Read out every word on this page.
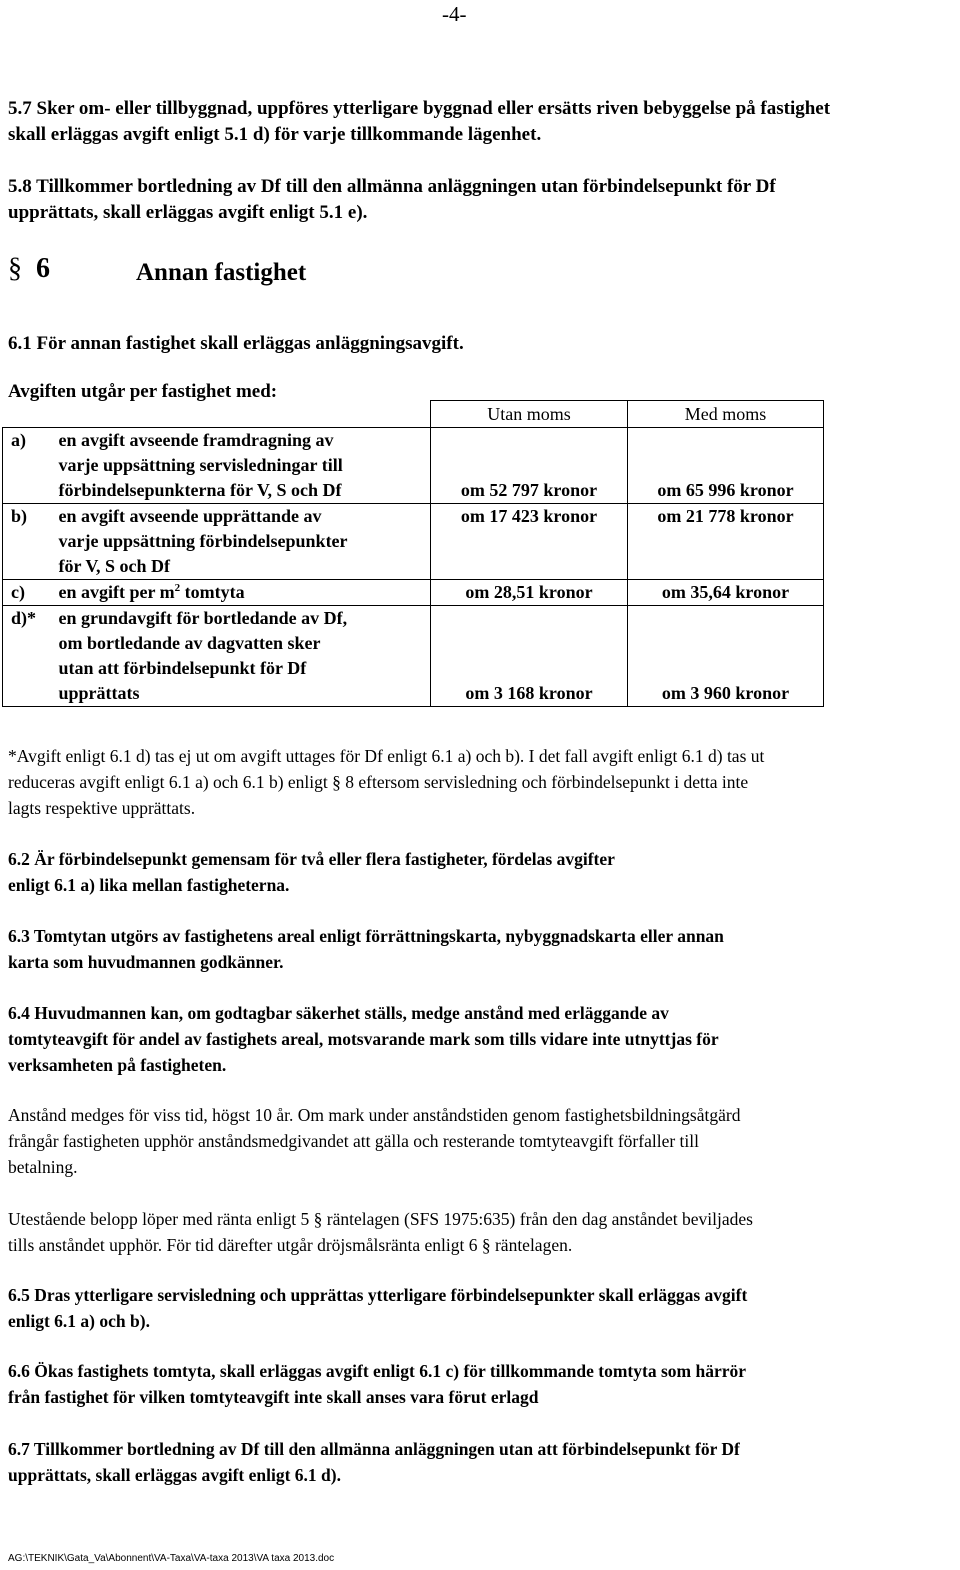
-4-
5.7 Sker om- eller tillbyggnad, uppföres ytterligare byggnad eller ersätts riven bebyggelse på fastighet
skall erläggas avgift enligt 5.1 d) för varje tillkommande lägenhet.
5.8 Tillkommer bortledning av Df till den allmänna anläggningen utan förbindelsepunkt för Df
upprättats, skall erläggas avgift enligt 5.1 e).
§ 6	Annan fastighet
6.1 För annan fastighet skall erläggas anläggningsavgift.
Avgiften utgår per fastighet med:
		Utan moms	Med moms
a)	en avgift avseende framdragning av
varje uppsättning servisledningar till
förbindelsepunkterna för V, S och Df	om 52 797 kronor	om 65 996 kronor
b)	en avgift avseende upprättande av
varje uppsättning förbindelsepunkter
för V, S och Df	om 17 423 kronor	om 21 778 kronor
c)	en avgift per $m^2$ tomtyta	om 28,51 kronor	om 35,64 kronor
d)*	en grundavgift för bortledande av Df,
om bortledande av dagvatten sker
utan att förbindelsepunkt för Df
upprättats	om 3 168 kronor	om 3 960 kronor
*Avgift enligt 6.1 d) tas ej ut om avgift uttages för Df enligt 6.1 a) och b). I det fall avgift enligt 6.1 d) tas ut
reduceras avgift enligt 6.1 a) och 6.1 b) enligt § 8 eftersom servisledning och förbindelsepunkt i detta inte
lagts respektive upprättats.
6.2 Är förbindelsepunkt gemensam för två eller flera fastigheter, fördelas avgifter
enligt 6.1 a) lika mellan fastigheterna.
6.3 Tomtytan utgörs av fastighetens areal enligt förrättningskarta, nybyggnadskarta eller annan
karta som huvudmannen godkänner.
6.4 Huvudmannen kan, om godtagbar säkerhet ställs, medge anstånd med erläggande av
tomtyteavgift för andel av fastighets areal, motsvarande mark som tills vidare inte utnyttjas för
verksamheten på fastigheten.
Anstånd medges för viss tid, högst 10 år. Om mark under anståndstiden genom fastighetsbildningsåtgärd
frångår fastigheten upphör anståndsmedgivandet att gälla och resterande tomtyteavgift förfaller till
betalning.
Utestående belopp löper med ränta enligt 5 § räntelagen (SFS 1975:635) från den dag anståndet beviljades
tills anståndet upphör. För tid därefter utgår dröjsmålsränta enligt 6 § räntelagen.
6.5 Dras ytterligare servisledning och upprättas ytterligare förbindelsepunkter skall erläggas avgift
enligt 6.1 a) och b).
6.6 Ökas fastighets tomtyta, skall erläggas avgift enligt 6.1 c) för tillkommande tomtyta som härrör
från fastighet för vilken tomtyteavgift inte skall anses vara förut erlagd
6.7 Tillkommer bortledning av Df till den allmänna anläggningen utan att förbindelsepunkt för Df
upprättats, skall erläggas avgift enligt 6.1 d).
AG:\TEKNIK\Gata_Va\Abonnent\VA-Taxa\VA-taxa 2013\VA taxa 2013.doc
